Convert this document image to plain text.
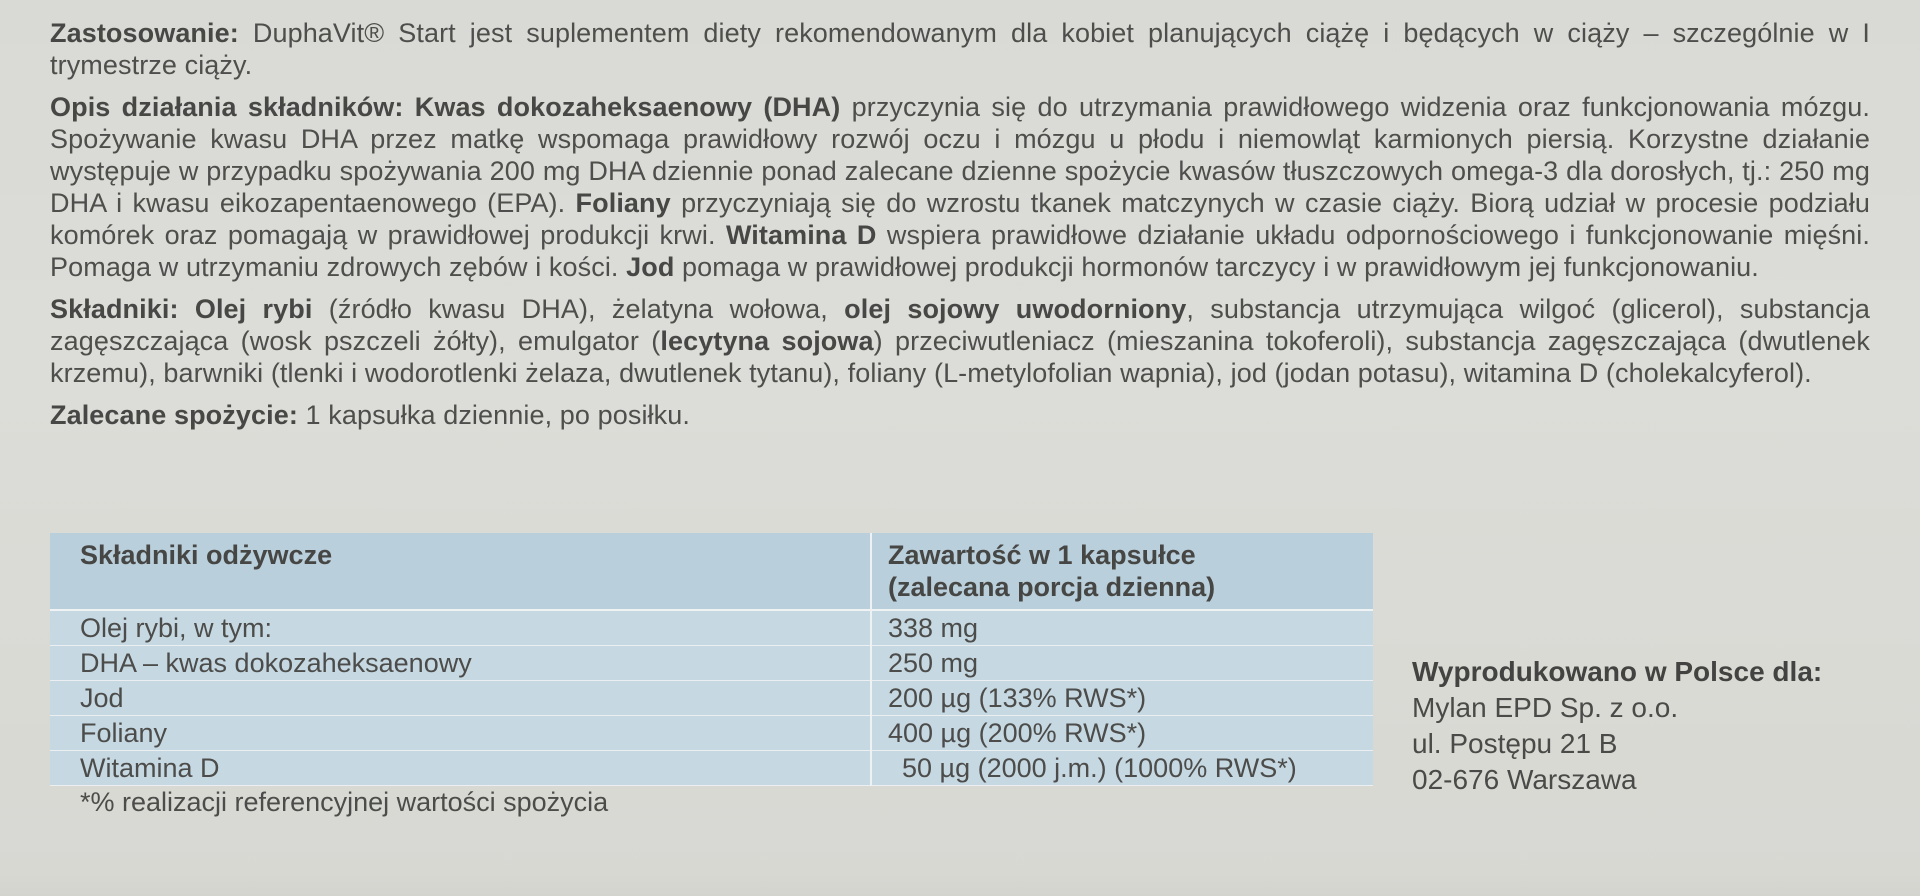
Zastosowanie: DuphaVit® Start jest suplementem diety rekomendowanym dla kobiet planujących ciążę i będących w ciąży – szczególnie w I trymestrze ciąży.

Opis działania składników: Kwas dokozaheksaenowy (DHA) przyczynia się do utrzymania prawidłowego widzenia oraz funkcjonowania mózgu. Spożywanie kwasu DHA przez matkę wspomaga prawidłowy rozwój oczu i mózgu u płodu i niemowląt karmionych piersią. Korzystne działanie występuje w przypadku spożywania 200 mg DHA dziennie ponad zalecane dzienne spożycie kwasów tłuszczowych omega-3 dla dorosłych, tj.: 250 mg DHA i kwasu eikozapentaenowego (EPA). Foliany przyczyniają się do wzrostu tkanek matczynych w czasie ciąży. Biorą udział w procesie podziału komórek oraz pomagają w prawidłowej produkcji krwi. Witamina D wspiera prawidłowe działanie układu odpornościowego i funkcjonowanie mięśni. Pomaga w utrzymaniu zdrowych zębów i kości. Jod pomaga w prawidłowej produkcji hormonów tarczycy i w prawidłowym jej funkcjonowaniu.

Składniki: Olej rybi (źródło kwasu DHA), żelatyna wołowa, olej sojowy uwodorniony, substancja utrzymująca wilgoć (glicerol), substancja zagęszczająca (wosk pszczeli żółty), emulgator (lecytyna sojowa) przeciwutleniacz (mieszanina tokoferoli), substancja zagęszczająca (dwutlenek krzemu), barwniki (tlenki i wodorotlenki żelaza, dwutlenek tytanu), foliany (L-metylofolian wapnia), jod (jodan potasu), witamina D (cholekalcyferol).

Zalecane spożycie: 1 kapsułka dziennie, po posiłku.

Składniki odżywcze	Zawartość w 1 kapsułce
(zalecana porcja dzienna)
Olej rybi, w tym:	338 mg
DHA – kwas dokozaheksaenowy	250 mg
Jod	200 µg (133% RWS*)
Foliany	400 µg (200% RWS*)
Witamina D	50 µg (2000 j.m.) (1000% RWS*)
*% realizacji referencyjnej wartości spożycia
Wyprodukowano w Polsce dla:
Mylan EPD Sp. z o.o.
ul. Postępu 21 B
02-676 Warszawa
